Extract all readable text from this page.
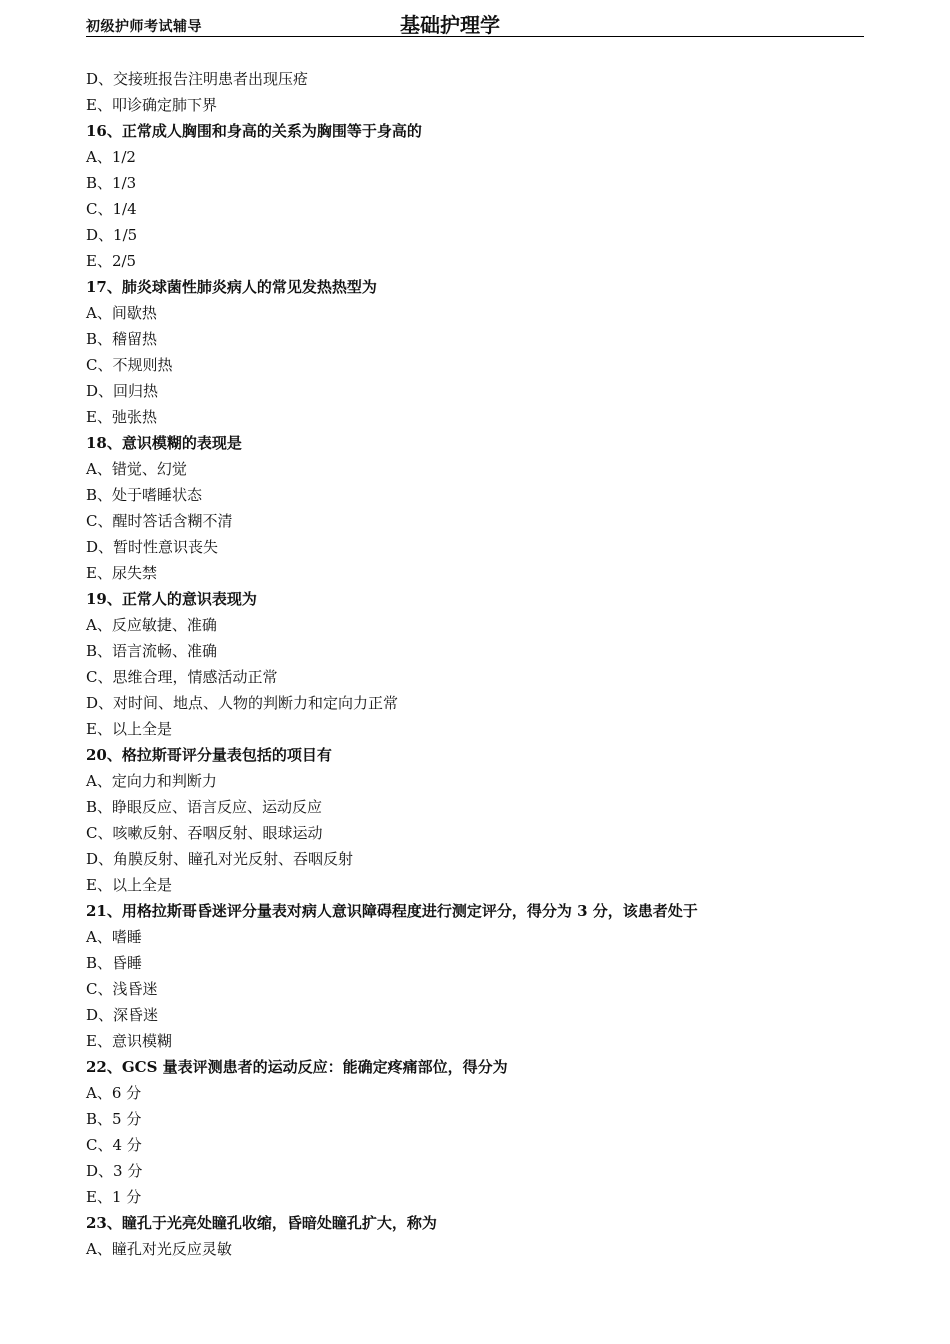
初级护师考试辅导	基础护理学
D、交接班报告注明患者出现压疮
E、叩诊确定肺下界
16、正常成人胸围和身高的关系为胸围等于身高的
A、1/2
B、1/3
C、1/4
D、1/5
E、2/5
17、肺炎球菌性肺炎病人的常见发热热型为
A、间歇热
B、稽留热
C、不规则热
D、回归热
E、弛张热
18、意识模糊的表现是
A、错觉、幻觉
B、处于嗜睡状态
C、醒时答话含糊不清
D、暂时性意识丧失
E、尿失禁
19、正常人的意识表现为
A、反应敏捷、准确
B、语言流畅、准确
C、思维合理，情感活动正常
D、对时间、地点、人物的判断力和定向力正常
E、以上全是
20、格拉斯哥评分量表包括的项目有
A、定向力和判断力
B、睁眼反应、语言反应、运动反应
C、咳嗽反射、吞咽反射、眼球运动
D、角膜反射、瞳孔对光反射、吞咽反射
E、以上全是
21、用格拉斯哥昏迷评分量表对病人意识障碍程度进行测定评分，得分为 3 分，该患者处于
A、嗜睡
B、昏睡
C、浅昏迷
D、深昏迷
E、意识模糊
22、GCS 量表评测患者的运动反应：能确定疼痛部位，得分为
A、6 分
B、5 分
C、4 分
D、3 分
E、1 分
23、瞳孔于光亮处瞳孔收缩，昏暗处瞳孔扩大，称为
A、瞳孔对光反应灵敏
